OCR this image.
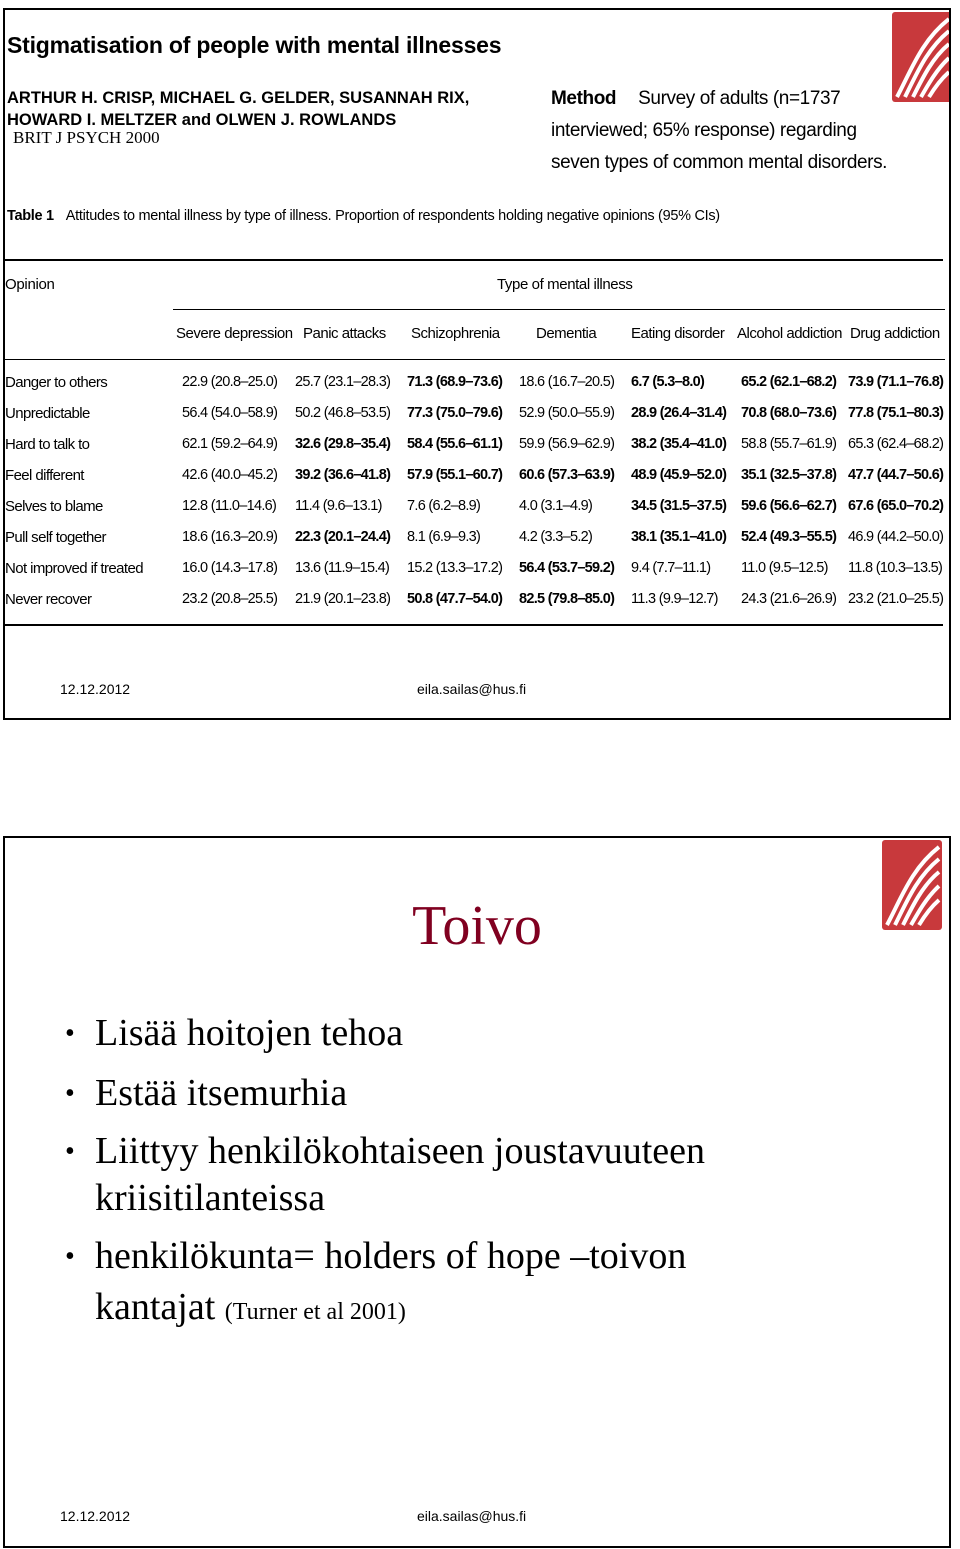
Stigmatisation of people with mental illnesses
ARTHUR H. CRISP, MICHAEL G. GELDER, SUSANNAH RIX,
HOWARD I. MELTZER and OLWEN J. ROWLANDS
BRIT J PSYCH 2000
Method Survey of adults (n=1737
interviewed; 65% response) regarding
seven types of common mental disorders.
Table 1 Attitudes to mental illness by type of illness. Proportion of respondents holding negative opinions (95% CIs)
Opinion	Type of mental illness
Severe depression Panic attacks Schizophrenia Dementia Eating disorder Alcohol addiction Drug addiction
Danger to others	22.9 (20.8–25.0) 25.7 (23.1–28.3) 71.3 (68.9–73.6) 18.6 (16.7–20.5) 6.7 (5.3–8.0)	65.2 (62.1–68.2) 73.9 (71.1–76.8)
Unpredictable	56.4 (54.0–58.9) 50.2 (46.8–53.5) 77.3 (75.0–79.6) 52.9 (50.0–55.9) 28.9 (26.4–31.4) 70.8 (68.0–73.6) 77.8 (75.1–80.3)
Hard to talk to	62.1 (59.2–64.9) 32.6 (29.8–35.4) 58.4 (55.6–61.1) 59.9 (56.9–62.9) 38.2 (35.4–41.0) 58.8 (55.7–61.9) 65.3 (62.4–68.2)
Feel different	42.6 (40.0–45.2) 39.2 (36.6–41.8) 57.9 (55.1–60.7) 60.6 (57.3–63.9) 48.9 (45.9–52.0) 35.1 (32.5–37.8) 47.7 (44.7–50.6)
Selves to blame	12.8 (11.0–14.6) 11.4 (9.6–13.1) 7.6 (6.2–8.9)	4.0 (3.1–4.9)	34.5 (31.5–37.5) 59.6 (56.6–62.7) 67.6 (65.0–70.2)
Pull self together	18.6 (16.3–20.9) 22.3 (20.1–24.4) 8.1 (6.9–9.3)	4.2 (3.3–5.2)	38.1 (35.1–41.0) 52.4 (49.3–55.5) 46.9 (44.2–50.0)
Not improved if treated	16.0 (14.3–17.8) 13.6 (11.9–15.4) 15.2 (13.3–17.2) 56.4 (53.7–59.2) 9.4 (7.7–11.1) 11.0 (9.5–12.5) 11.8 (10.3–13.5)
Never recover	23.2 (20.8–25.5) 21.9 (20.1–23.8) 50.8 (47.7–54.0) 82.5 (79.8–85.0) 11.3 (9.9–12.7) 24.3 (21.6–26.9) 23.2 (21.0–25.5)
12.12.2012	eila.sailas@hus.fi
Toivo
• Lisää hoitojen tehoa
• Estää itsemurhia
• Liittyy henkilökohtaiseen joustavuuteen
kriisitilanteissa
• henkilökunta= holders of hope –toivon
kantajat (Turner et al 2001)
12.12.2012	eila.sailas@hus.fi
